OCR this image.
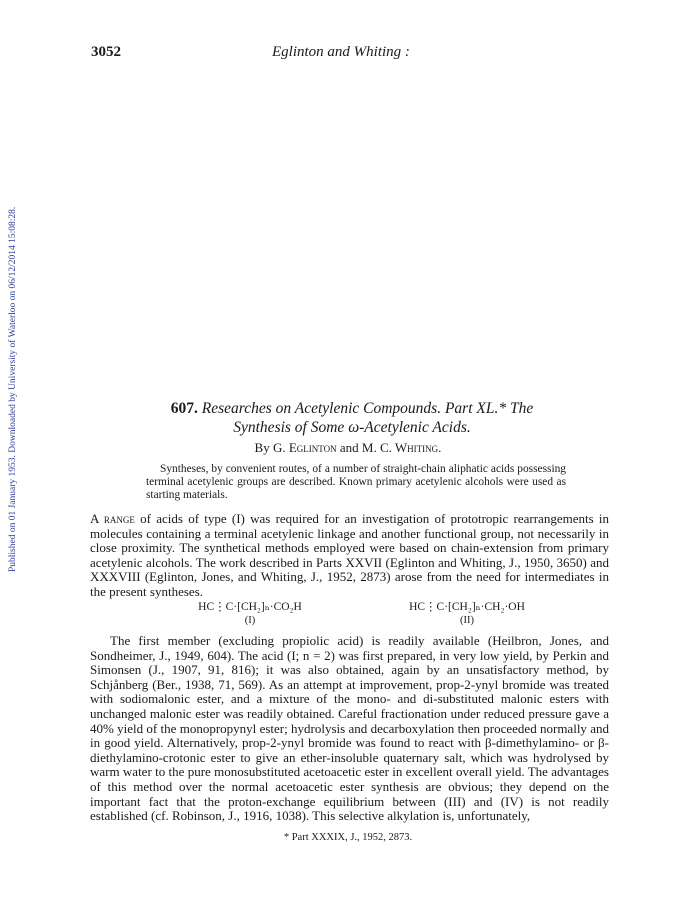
Published on 01 January 1953. Downloaded by University of Waterloo on 06/12/2014 15:08:28.
3052	Eglinton and Whiting :
607. Researches on Acetylenic Compounds. Part XL.* The
Synthesis of Some ω-Acetylenic Acids.
By G. Eglinton and M. C. Whiting.
Syntheses, by convenient routes, of a number of straight-chain aliphatic acids possessing terminal acetylenic groups are described. Known primary acetylenic alcohols were used as starting materials.
A range of acids of type (I) was required for an investigation of prototropic rearrangements in molecules containing a terminal acetylenic linkage and another functional group, not necessarily in close proximity. The synthetical methods employed were based on chain-extension from primary acetylenic alcohols. The work described in Parts XXVII (Eglinton and Whiting, J., 1950, 3650) and XXXVIII (Eglinton, Jones, and Whiting, J., 1952, 2873) arose from the need for intermediates in the present syntheses.
HC⋮C·[CH₂]ₙ·CO₂H
(I)
HC⋮C·[CH₂]ₙ·CH₂·OH
(II)
The first member (excluding propiolic acid) is readily available (Heilbron, Jones, and Sondheimer, J., 1949, 604). The acid (I; n = 2) was first prepared, in very low yield, by Perkin and Simonsen (J., 1907, 91, 816); it was also obtained, again by an unsatisfactory method, by Schjånberg (Ber., 1938, 71, 569). As an attempt at improvement, prop-2-ynyl bromide was treated with sodiomalonic ester, and a mixture of the mono- and di-substituted malonic esters with unchanged malonic ester was readily obtained. Careful fractionation under reduced pressure gave a 40% yield of the monopropynyl ester; hydrolysis and decarboxylation then proceeded normally and in good yield. Alternatively, prop-2-ynyl bromide was found to react with β-dimethylamino- or β-diethylamino-crotonic ester to give an ether-insoluble quaternary salt, which was hydrolysed by warm water to the pure monosubstituted acetoacetic ester in excellent overall yield. The advantages of this method over the normal acetoacetic ester synthesis are obvious; they depend on the important fact that the proton-exchange equilibrium between (III) and (IV) is not readily established (cf. Robinson, J., 1916, 1038). This selective alkylation is, unfortunately,
* Part XXXIX, J., 1952, 2873.
